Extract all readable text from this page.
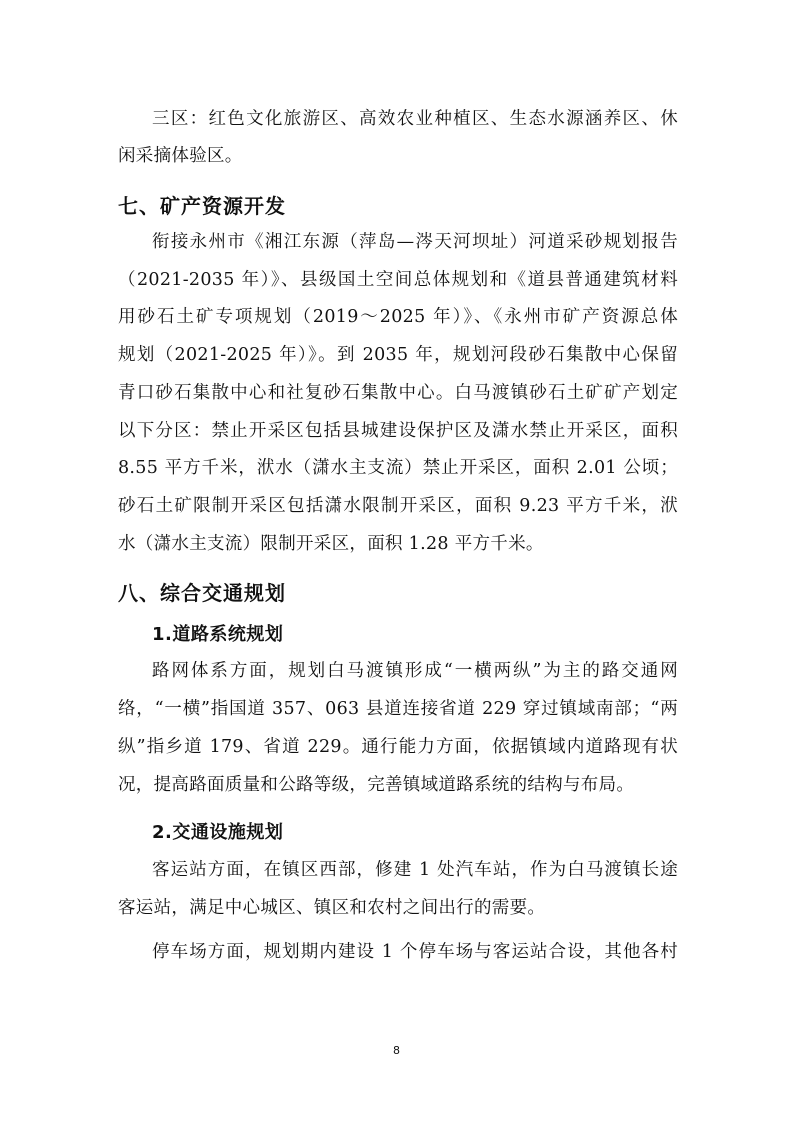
三区：红色文化旅游区、高效农业种植区、生态水源涵养区、休
闲采摘体验区。
七、矿产资源开发
衔接永州市《湘江东源（萍岛—涔天河坝址）河道采砂规划报告
（2021-2035 年）》、县级国土空间总体规划和《道县普通建筑材料
用砂石土矿专项规划（2019～2025 年）》、《永州市矿产资源总体
规划（2021-2025 年）》。到 2035 年，规划河段砂石集散中心保留
青口砂石集散中心和社复砂石集散中心。白马渡镇砂石土矿矿产划定
以下分区：禁止开采区包括县城建设保护区及潇水禁止开采区，面积
8.55 平方千米，洑水（潇水主支流）禁止开采区，面积 2.01 公顷；
砂石土矿限制开采区包括潇水限制开采区，面积 9.23 平方千米，洑
水（潇水主支流）限制开采区，面积 1.28 平方千米。
八、综合交通规划
1.道路系统规划
路网体系方面，规划白马渡镇形成“一横两纵”为主的路交通网
络，“一横”指国道 357、063 县道连接省道 229 穿过镇域南部；“两
纵”指乡道 179、省道 229。通行能力方面，依据镇域内道路现有状
况，提高路面质量和公路等级，完善镇域道路系统的结构与布局。
2.交通设施规划
客运站方面，在镇区西部，修建 1 处汽车站，作为白马渡镇长途
客运站，满足中心城区、镇区和农村之间出行的需要。
停车场方面，规划期内建设 1 个停车场与客运站合设，其他各村
8
